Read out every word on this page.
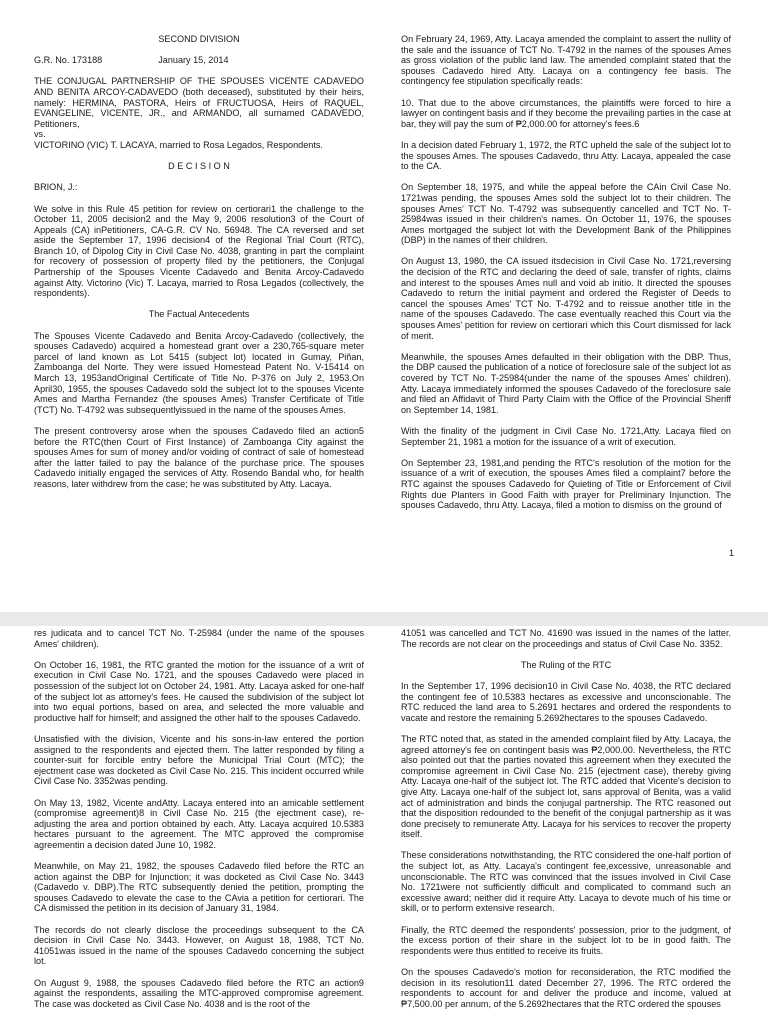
SECOND DIVISION

G.R. No. 173188	January 15, 2014

THE CONJUGAL PARTNERSHIP OF THE SPOUSES VICENTE CADAVEDO AND BENITA ARCOY-CADAVEDO (both deceased), substituted by their heirs, namely: HERMINA, PASTORA, Heirs of FRUCTUOSA, Heirs of RAQUEL, EVANGELINE, VICENTE, JR., and ARMANDO, all surnamed CADAVEDO, Petitioners,

vs.

VICTORINO (VIC) T. LACAYA, married to Rosa Legados, Respondents.

D E C I S I O N

BRION, J.:

We solve in this Rule 45 petition for review on certiorari1 the challenge to the October 11, 2005 decision2 and the May 9, 2006 resolution3 of the Court of Appeals (CA) inPetitioners, CA-G.R. CV No. 56948. The CA reversed and set aside the September 17, 1996 decision4 of the Regional Trial Court (RTC), Branch 10, of Dipolog City in Civil Case No. 4038, granting in part the complaint for recovery of possession of property filed by the petitioners, the Conjugal Partnership of the Spouses Vicente Cadavedo and Benita Arcoy-Cadavedo against Atty. Victorino (Vic) T. Lacaya, married to Rosa Legados (collectively, the respondents).

The Factual Antecedents

The Spouses Vicente Cadavedo and Benita Arcoy-Cadavedo (collectively, the spouses Cadavedo) acquired a homestead grant over a 230,765-square meter parcel of land known as Lot 5415 (subject lot) located in Gumay, Piñan, Zamboanga del Norte. They were issued Homestead Patent No. V-15414 on March 13, 1953andOriginal Certificate of Title No. P-376 on July 2, 1953.On April30, 1955, the spouses Cadavedo sold the subject lot to the spouses Vicente Ames and Martha Fernandez (the spouses Ames) Transfer Certificate of Title (TCT) No. T-4792 was subsequentlyissued in the name of the spouses Ames.

The present controversy arose when the spouses Cadavedo filed an action5 before the RTC(then Court of First Instance) of Zamboanga City against the spouses Ames for sum of money and/or voiding of contract of sale of homestead after the latter failed to pay the balance of the purchase price. The spouses Cadavedo initially engaged the services of Atty. Rosendo Bandal who, for health reasons, later withdrew from the case; he was substituted by Atty. Lacaya.

On February 24, 1969, Atty. Lacaya amended the complaint to assert the nullity of the sale and the issuance of TCT No. T-4792 in the names of the spouses Ames as gross violation of the public land law. The amended complaint stated that the spouses Cadavedo hired Atty. Lacaya on a contingency fee basis. The contingency fee stipulation specifically reads:

10. That due to the above circumstances, the plaintiffs were forced to hire a lawyer on contingent basis and if they become the prevailing parties in the case at bar, they will pay the sum of ₱2,000.00 for attorney's fees.6

In a decision dated February 1, 1972, the RTC upheld the sale of the subject lot to the spouses Ames. The spouses Cadavedo, thru Atty. Lacaya, appealed the case to the CA.

On September 18, 1975, and while the appeal before the CAin Civil Case No. 1721was pending, the spouses Ames sold the subject lot to their children. The spouses Ames' TCT No. T-4792 was subsequently cancelled and TCT No. T-25984was issued in their children's names. On October 11, 1976, the spouses Ames mortgaged the subject lot with the Development Bank of the Philippines (DBP) in the names of their children.

On August 13, 1980, the CA issued itsdecision in Civil Case No. 1721,reversing the decision of the RTC and declaring the deed of sale, transfer of rights, claims and interest to the spouses Ames null and void ab initio. It directed the spouses Cadavedo to return the initial payment and ordered the Register of Deeds to cancel the spouses Ames' TCT No. T-4792 and to reissue another title in the name of the spouses Cadavedo. The case eventually reached this Court via the spouses Ames' petition for review on certiorari which this Court dismissed for lack of merit.

Meanwhile, the spouses Ames defaulted in their obligation with the DBP. Thus, the DBP caused the publication of a notice of foreclosure sale of the subject lot as covered by TCT No. T-25984(under the name of the spouses Ames' children). Atty. Lacaya immediately informed the spouses Cadavedo of the foreclosure sale and filed an Affidavit of Third Party Claim with the Office of the Provincial Sheriff on September 14, 1981.

With the finality of the judgment in Civil Case No. 1721,Atty. Lacaya filed on September 21, 1981 a motion for the issuance of a writ of execution.

On September 23, 1981,and pending the RTC's resolution of the motion for the issuance of a writ of execution, the spouses Ames filed a complaint7 before the RTC against the spouses Cadavedo for Quieting of Title or Enforcement of Civil Rights due Planters in Good Faith with prayer for Preliminary Injunction. The spouses Cadavedo, thru Atty. Lacaya, filed a motion to dismiss on the ground of

1

res judicata and to cancel TCT No. T-25984 (under the name of the spouses Ames' children).

On October 16, 1981, the RTC granted the motion for the issuance of a writ of execution in Civil Case No. 1721, and the spouses Cadavedo were placed in possession of the subject lot on October 24, 1981. Atty. Lacaya asked for one-half of the subject lot as attorney's fees. He caused the subdivision of the subject lot into two equal portions, based on area, and selected the more valuable and productive half for himself; and assigned the other half to the spouses Cadavedo.

Unsatisfied with the division, Vicente and his sons-in-law entered the portion assigned to the respondents and ejected them. The latter responded by filing a counter-suit for forcible entry before the Municipal Trial Court (MTC); the ejectment case was docketed as Civil Case No. 215. This incident occurred while Civil Case No. 3352was pending.

On May 13, 1982, Vicente andAtty. Lacaya entered into an amicable settlement (compromise agreement)8 in Civil Case No. 215 (the ejectment case), re-adjusting the area and portion obtained by each. Atty. Lacaya acquired 10.5383 hectares pursuant to the agreement. The MTC approved the compromise agreementin a decision dated June 10, 1982.

Meanwhile, on May 21, 1982, the spouses Cadavedo filed before the RTC an action against the DBP for Injunction; it was docketed as Civil Case No. 3443 (Cadavedo v. DBP).The RTC subsequently denied the petition, prompting the spouses Cadavedo to elevate the case to the CAvia a petition for certiorari. The CA dismissed the petition in its decision of January 31, 1984.

The records do not clearly disclose the proceedings subsequent to the CA decision in Civil Case No. 3443. However, on August 18, 1988, TCT No. 41051was issued in the name of the spouses Cadavedo concerning the subject lot.

On August 9, 1988, the spouses Cadavedo filed before the RTC an action9 against the respondents, assailing the MTC-approved compromise agreement. The case was docketed as Civil Case No. 4038 and is the root of the

41051 was cancelled and TCT No. 41690 was issued in the names of the latter. The records are not clear on the proceedings and status of Civil Case No. 3352.

The Ruling of the RTC

In the September 17, 1996 decision10 in Civil Case No. 4038, the RTC declared the contingent fee of 10.5383 hectares as excessive and unconscionable. The RTC reduced the land area to 5.2691 hectares and ordered the respondents to vacate and restore the remaining 5.2692hectares to the spouses Cadavedo.

The RTC noted that, as stated in the amended complaint filed by Atty. Lacaya, the agreed attorney's fee on contingent basis was ₱2,000.00. Nevertheless, the RTC also pointed out that the parties novated this agreement when they executed the compromise agreement in Civil Case No. 215 (ejectment case), thereby giving Atty. Lacaya one-half of the subject lot. The RTC added that Vicente's decision to give Atty. Lacaya one-half of the subject lot, sans approval of Benita, was a valid act of administration and binds the conjugal partnership. The RTC reasoned out that the disposition redounded to the benefit of the conjugal partnership as it was done precisely to remunerate Atty. Lacaya for his services to recover the property itself.

These considerations notwithstanding, the RTC considered the one-half portion of the subject lot, as Atty. Lacaya's contingent fee,excessive, unreasonable and unconscionable. The RTC was convinced that the issues involved in Civil Case No. 1721were not sufficiently difficult and complicated to command such an excessive award; neither did it require Atty. Lacaya to devote much of his time or skill, or to perform extensive research.

Finally, the RTC deemed the respondents' possession, prior to the judgment, of the excess portion of their share in the subject lot to be in good faith. The respondents were thus entitled to receive its fruits.

On the spouses Cadavedo's motion for reconsideration, the RTC modified the decision in its resolution11 dated December 27, 1996. The RTC ordered the respondents to account for and deliver the produce and income, valued at ₱7,500.00 per annum, of the 5.2692hectares that the RTC ordered the spouses
